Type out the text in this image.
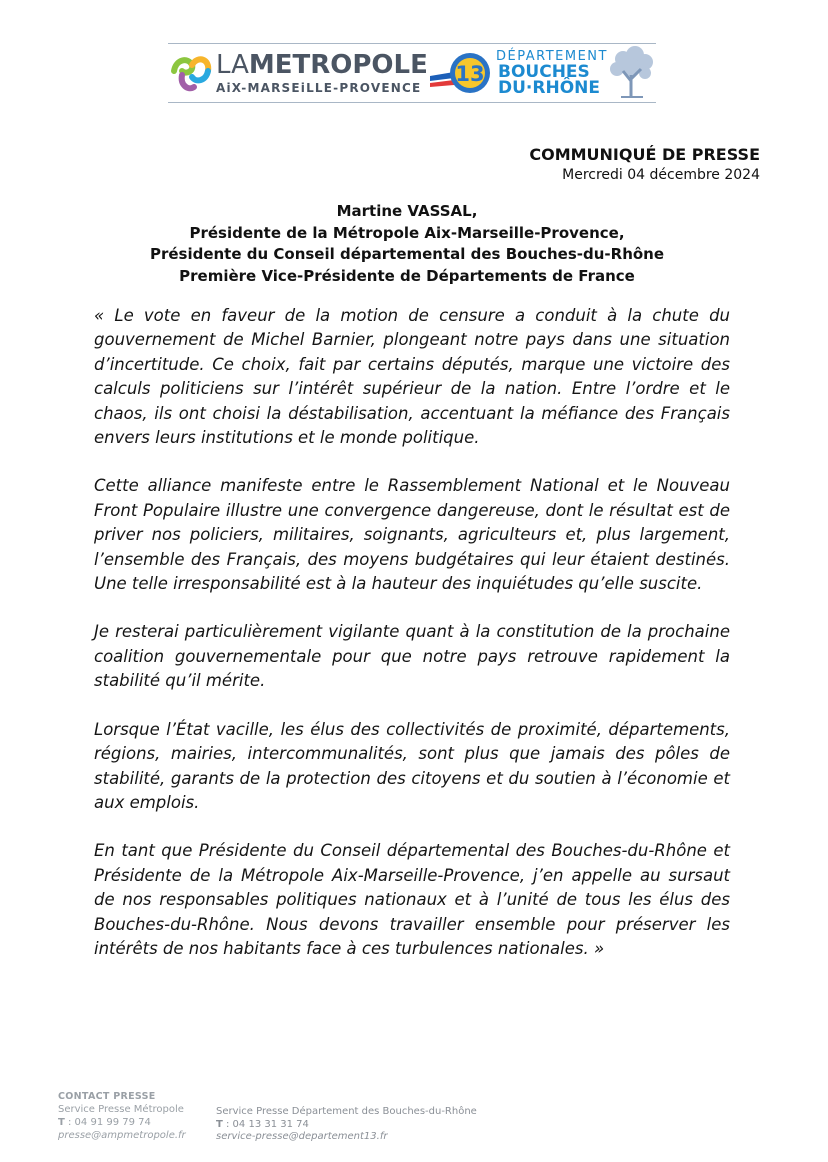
LAMETROPOLE
AiX-MARSEiLLE-PROVENCE
13
DÉPARTEMENT
BOUCHES
DU·RHÔNE
COMMUNIQUÉ DE PRESSE
Mercredi 04 décembre 2024
Martine VASSAL,
Présidente de la Métropole Aix-Marseille-Provence,
Présidente du Conseil départemental des Bouches-du-Rhône
Première Vice-Présidente de Départements de France

« Le vote en faveur de la motion de censure a conduit à la chute du gouvernement de Michel Barnier, plongeant notre pays dans une situation d’incertitude. Ce choix, fait par certains députés, marque une victoire des calculs politiciens sur l’intérêt supérieur de la nation. Entre l’ordre et le chaos, ils ont choisi la déstabilisation, accentuant la méfiance des Français envers leurs institutions et le monde politique.

Cette alliance manifeste entre le Rassemblement National et le Nouveau Front Populaire illustre une convergence dangereuse, dont le résultat est de priver nos policiers, militaires, soignants, agriculteurs et, plus largement, l’ensemble des Français, des moyens budgétaires qui leur étaient destinés. Une telle irresponsabilité est à la hauteur des inquiétudes qu’elle suscite.

Je resterai particulièrement vigilante quant à la constitution de la prochaine coalition gouvernementale pour que notre pays retrouve rapidement la stabilité qu’il mérite.

Lorsque l’État vacille, les élus des collectivités de proximité, départements, régions, mairies, intercommunalités, sont plus que jamais des pôles de stabilité, garants de la protection des citoyens et du soutien à l’économie et aux emplois.

En tant que Présidente du Conseil départemental des Bouches-du-Rhône et Présidente de la Métropole Aix-Marseille-Provence, j’en appelle au sursaut de nos responsables politiques nationaux et à l’unité de tous les élus des Bouches-du-Rhône. Nous devons travailler ensemble pour préserver les intérêts de nos habitants face à ces turbulences nationales. »

CONTACT PRESSE
Service Presse Métropole
T : 04 91 99 79 74
presse@ampmetropole.fr
Service Presse Département des Bouches-du-Rhône
T : 04 13 31 31 74
service-presse@departement13.fr
